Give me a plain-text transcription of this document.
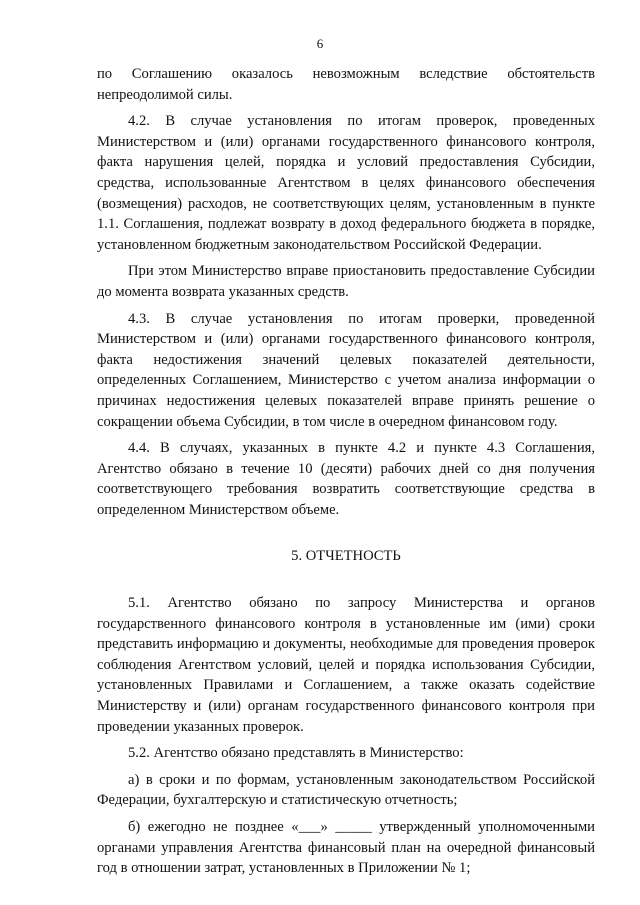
6

по Соглашению оказалось невозможным вследствие обстоятельств непреодолимой силы.

4.2. В случае установления по итогам проверок, проведенных Министерством и (или) органами государственного финансового контроля, факта нарушения целей, порядка и условий предоставления Субсидии, средства, использованные Агентством в целях финансового обеспечения (возмещения) расходов, не соответствующих целям, установленным в пункте 1.1. Соглашения, подлежат возврату в доход федерального бюджета в порядке, установленном бюджетным законодательством Российской Федерации.

При этом Министерство вправе приостановить предоставление Субсидии до момента возврата указанных средств.

4.3. В случае установления по итогам проверки, проведенной Министерством и (или) органами государственного финансового контроля, факта недостижения значений целевых показателей деятельности, определенных Соглашением, Министерство с учетом анализа информации о причинах недостижения целевых показателей вправе принять решение о сокращении объема Субсидии, в том числе в очередном финансовом году.

4.4. В случаях, указанных в пункте 4.2 и пункте 4.3 Соглашения, Агентство обязано в течение 10 (десяти) рабочих дней со дня получения соответствующего требования возвратить соответствующие средства в определенном Министерством объеме.

5. ОТЧЕТНОСТЬ

5.1. Агентство обязано по запросу Министерства и органов государственного финансового контроля в установленные им (ими) сроки представить информацию и документы, необходимые для проведения проверок соблюдения Агентством условий, целей и порядка использования Субсидии, установленных Правилами и Соглашением, а также оказать содействие Министерству и (или) органам государственного финансового контроля при проведении указанных проверок.

5.2. Агентство обязано представлять в Министерство:

а) в сроки и по формам, установленным законодательством Российской Федерации, бухгалтерскую и статистическую отчетность;

б) ежегодно не позднее «___» _____ утвержденный уполномоченными органами управления Агентства финансовый план на очередной финансовый год в отношении затрат, установленных в Приложении № 1;
